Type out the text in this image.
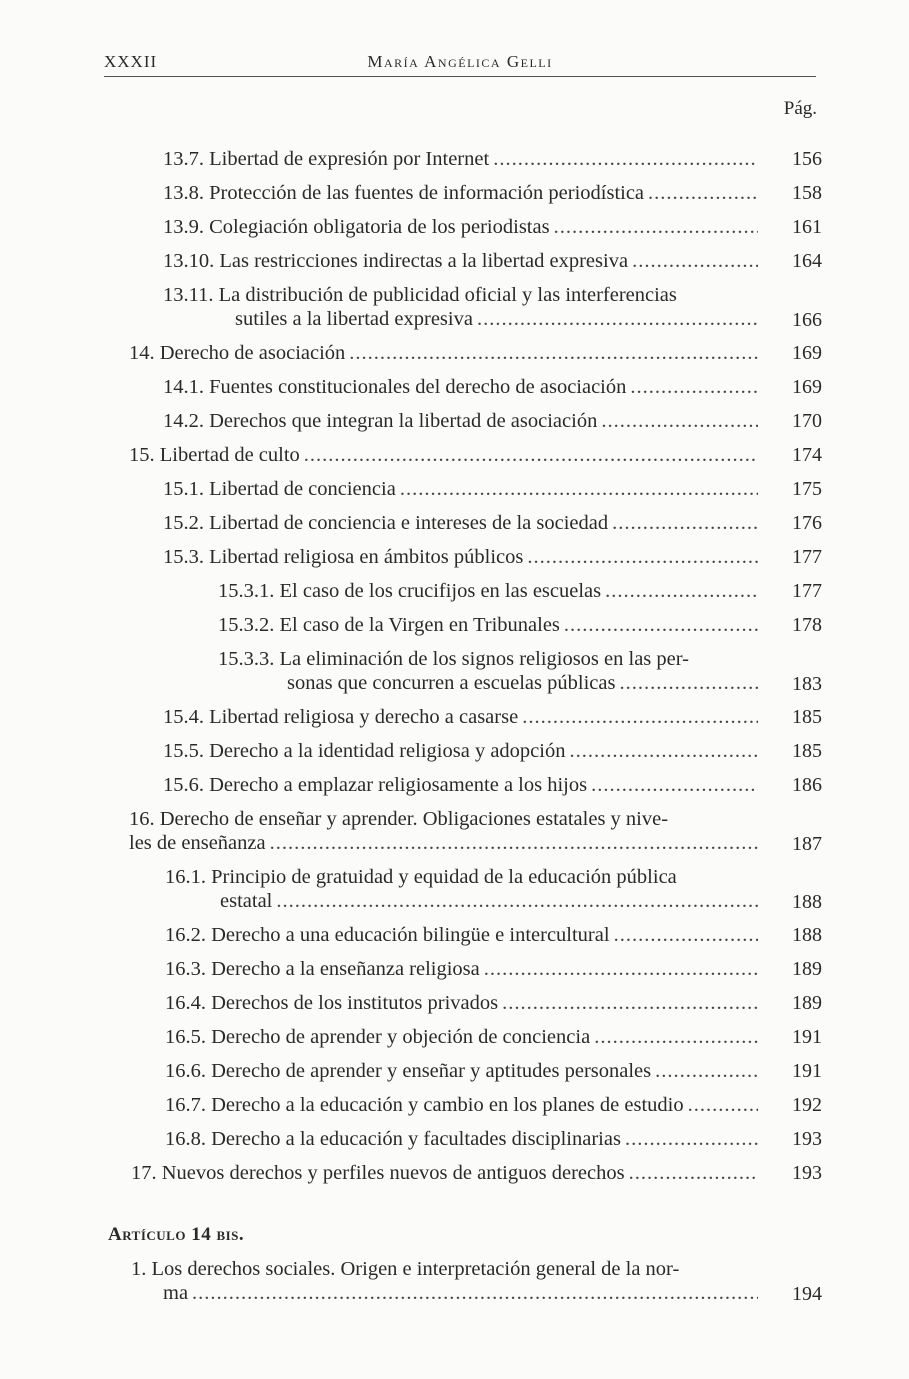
XXXII	María Angélica Gelli
Pág.
13.7. Libertad de expresión por Internet .....	156
13.8. Protección de las fuentes de información periodística .....	158
13.9. Colegiación obligatoria de los periodistas .....	161
13.10. Las restricciones indirectas a la libertad expresiva .....	164
13.11. La distribución de publicidad oficial y las interferencias
sutiles a la libertad expresiva .....	166
14. Derecho de asociación .....	169
14.1. Fuentes constitucionales del derecho de asociación .....	169
14.2. Derechos que integran la libertad de asociación .....	170
15. Libertad de culto .....	174
15.1. Libertad de conciencia .....	175
15.2. Libertad de conciencia e intereses de la sociedad .....	176
15.3. Libertad religiosa en ámbitos públicos .....	177
15.3.1. El caso de los crucifijos en las escuelas .....	177
15.3.2. El caso de la Virgen en Tribunales .....	178
15.3.3. La eliminación de los signos religiosos en las per-
sonas que concurren a escuelas públicas .....	183
15.4. Libertad religiosa y derecho a casarse .....	185
15.5. Derecho a la identidad religiosa y adopción .....	185
15.6. Derecho a emplazar religiosamente a los hijos .....	186
16. Derecho de enseñar y aprender. Obligaciones estatales y nive-
les de enseñanza .....	187
16.1. Principio de gratuidad y equidad de la educación pública
estatal .....	188
16.2. Derecho a una educación bilingüe e intercultural .....	188
16.3. Derecho a la enseñanza religiosa .....	189
16.4. Derechos de los institutos privados .....	189
16.5. Derecho de aprender y objeción de conciencia .....	191
16.6. Derecho de aprender y enseñar y aptitudes personales .....	191
16.7. Derecho a la educación y cambio en los planes de estudio .....	192
16.8. Derecho a la educación y facultades disciplinarias .....	193
17. Nuevos derechos y perfiles nuevos de antiguos derechos .....	193
1. Los derechos sociales. Origen e interpretación general de la nor-
ma .....	194
Artículo 14 bis.
